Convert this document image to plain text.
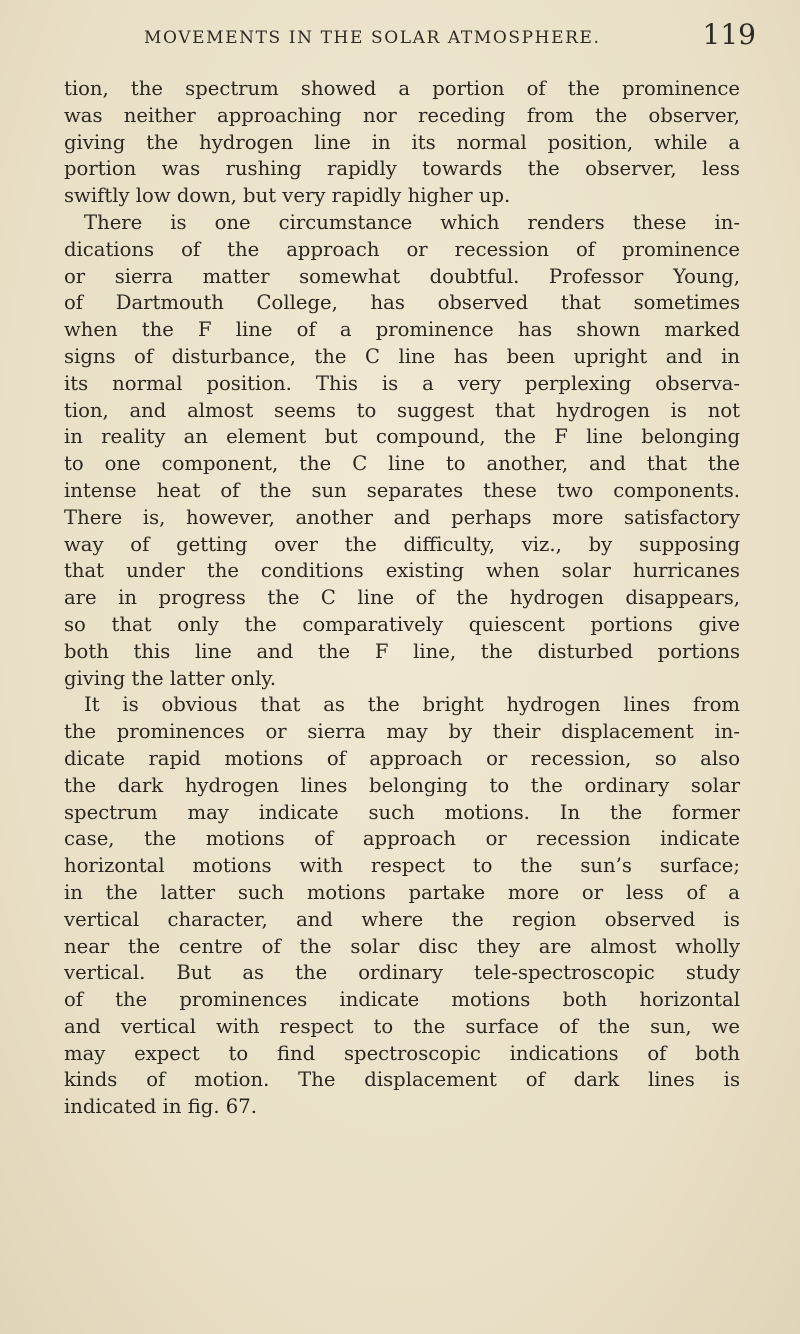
MOVEMENTS IN THE SOLAR ATMOSPHERE.	119
tion, the spectrum showed a portion of the prominence
was neither approaching nor receding from the observer,
giving the hydrogen line in its normal position, while a
portion was rushing rapidly towards the observer, less
swiftly low down, but very rapidly higher up.
There is one circumstance which renders these in-
dications of the approach or recession of prominence
or sierra matter somewhat doubtful. Professor Young,
of Dartmouth College, has observed that sometimes
when the F line of a prominence has shown marked
signs of disturbance, the C line has been upright and in
its normal position. This is a very perplexing observa-
tion, and almost seems to suggest that hydrogen is not
in reality an element but compound, the F line belonging
to one component, the C line to another, and that the
intense heat of the sun separates these two components.
There is, however, another and perhaps more satisfactory
way of getting over the difficulty, viz., by supposing
that under the conditions existing when solar hurricanes
are in progress the C line of the hydrogen disappears,
so that only the comparatively quiescent portions give
both this line and the F line, the disturbed portions
giving the latter only.
It is obvious that as the bright hydrogen lines from
the prominences or sierra may by their displacement in-
dicate rapid motions of approach or recession, so also
the dark hydrogen lines belonging to the ordinary solar
spectrum may indicate such motions. In the former
case, the motions of approach or recession indicate
horizontal motions with respect to the sun’s surface;
in the latter such motions partake more or less of a
vertical character, and where the region observed is
near the centre of the solar disc they are almost wholly
vertical. But as the ordinary tele-spectroscopic study
of the prominences indicate motions both horizontal
and vertical with respect to the surface of the sun, we
may expect to find spectroscopic indications of both
kinds of motion. The displacement of dark lines is
indicated in fig. 67.
